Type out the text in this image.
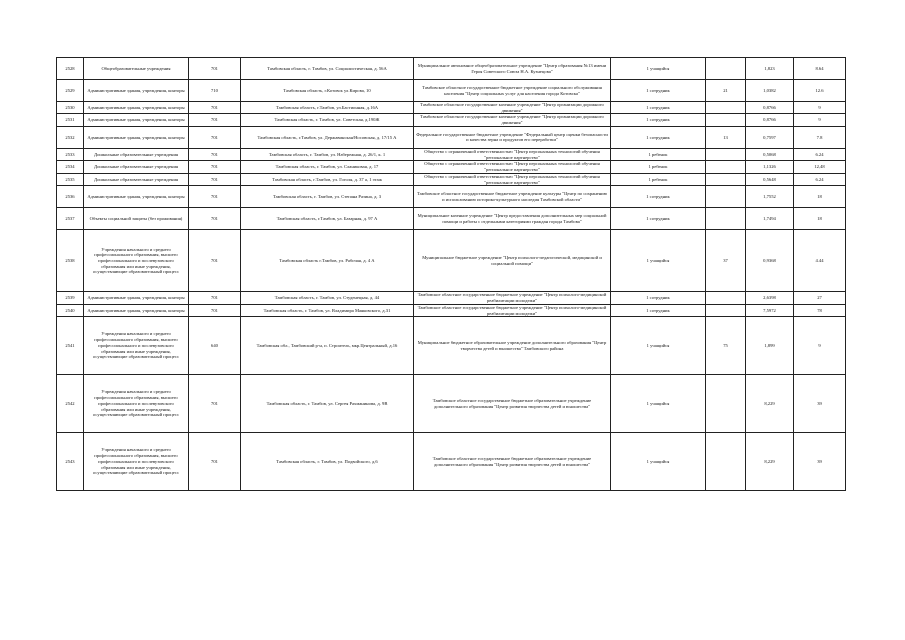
2528	Общеобразовательные учреждения	701	Тамбовская область, г. Тамбов, ул. Социалистическая, д. 56А	Муниципальное автономное общеобразовательное учреждение "Центр образования №13 имени Героя Советского Союза Н.А. Кузнецова"	1 учащийся		1,823	8.64
2529	Административные здания, учреждения, конторы	710	Тамбовская область, г.Котовск ул.Кирова, 10	Тамбовское областное государственное бюджетное учреждение социального обслуживания населения "Центр социальных услуг для населения города Котовска"	1 сотрудник	21	1,0382	12.6
2530	Административные здания, учреждения, конторы	701	Тамбовская область, г.Тамбов, ул.Бастионная, д.16А	Тамбовское областное государственное казенное учреждение "Центр организации дорожного движения"	1 сотрудник		0,8766	9
2531	Административные здания, учреждения, конторы	701	Тамбовская область, г. Тамбов, ул. Советская, д.190Ж	Тамбовское областное государственное казенное учреждение "Центр организации дорожного движения"	1 сотрудник		0,8766	9
2532	Административные здания, учреждения, конторы	701	Тамбовская область, г.Тамбов, ул. Державинская/Носовская, д. 17/15 А	Федеральное государственное бюджетное учреждение "Федеральный центр оценки безопасности и качества зерна и продуктов его переработки"	1 сотрудник	13	0,7597	7.8
2533	Дошкольные образовательные учреждения	701	Тамбовская область, г. Тамбов, ул. Набережная, д. 26/1, к. 1	Общество с ограниченной ответственностью "Центр персональных технологий обучения "региональное партнерство"	1 ребенок		0,5068	6.24
2534	Дошкольные образовательные учреждения	701	Тамбовская область, г. Тамбов, ул. Сланиковая, д. 17	Общество с ограниченной ответственностью "Центр персональных технологий обучения "региональное партнерство"	1 ребенок		1,1326	12,48
2535	Дошкольные образовательные учреждения	701	Тамбовская область, г.Тамбов, ул. Гоголя, д. 37 а, 1 этаж	Общество с ограниченной ответственностью "Центр персональных технологий обучения "региональное партнерство"	1 ребенок		0,5648	6.24
2536	Административные здания, учреждения, конторы	701	Тамбовская область, г. Тамбов, ул. Степана Разина, д. 3	Тамбовское областное государственное бюджетное учреждение культуры "Центр по сохранению и использованию историко-культурного наследия Тамбовской области"	1 сотрудник		1,7552	18
2537	Объекты социальной защиты (без проживания)	701	Тамбовская область, г.Тамбов, ул. Базарная, д. 97 А	Муниципальное казенное учреждение "Центр предоставления дополнительных мер социальной помощи и работы с отдельными категориями граждан города Тамбова"	1 сотрудник		1,7494	18
2538	Учреждения начального и среднего профессионального образования, высшего профессионального и послевузовского образования или иные учреждения, осуществляющие образовательный процесс	701	Тамбовская область г.Тамбов, ул. Рабочая, д. 4 А	Муниципальное бюджетное учреждение "Центр психолого-педагогической, медицинской и социальной помощи"	1 учащийся	37	0,9368	4.44
2539	Административные здания, учреждения, конторы	701	Тамбовская область, г. Тамбов, ул. Студенецкая, д. 44	Тамбовское областное государственное бюджетное учреждение "Центр психолого-медицинской реабилитации молодежи"	1 сотрудник		2,6398	27
2540	Административные здания, учреждения, конторы	701	Тамбовская область, г. Тамбов, ул. Владимира Маяковского, д.31	Тамбовское областное государственное бюджетное учреждение "Центр психолого-медицинской реабилитации молодежи"	1 сотрудник		7,5972	78
2541	Учреждения начального и среднего профессионального образования, высшего профессионального и послевузовского образования или иные учреждения, осуществляющие образовательный процесс	640	Тамбовская обл., Тамбовский р-н, п. Строитель, мкр.Центральный, д.16	Муниципальное бюджетное образовательное учреждение дополнительного образования "Центр творчества детей и юношества" Тамбовского района	1 учащийся	75	1,899	9
2542	Учреждения начального и среднего профессионального образования, высшего профессионального и послевузовского образования или иные учреждения, осуществляющие образовательный процесс	701	Тамбовская область, г. Тамбов, ул. Сергея Рахманинова, д. 9В	Тамбовское областное государственное бюджетное образовательное учреждение дополнительного образования "Центр развития творчества детей и юношества"	1 учащийся		8,229	39
2543	Учреждения начального и среднего профессионального образования, высшего профессионального и послевузовского образования или иные учреждения, осуществляющие образовательный процесс	701	Тамбовская область, г. Тамбов, ул. Подвойского, д.6	Тамбовское областное государственное бюджетное образовательное учреждение дополнительного образования "Центр развития творчества детей и юношества"	1 учащийся		8,229	39
